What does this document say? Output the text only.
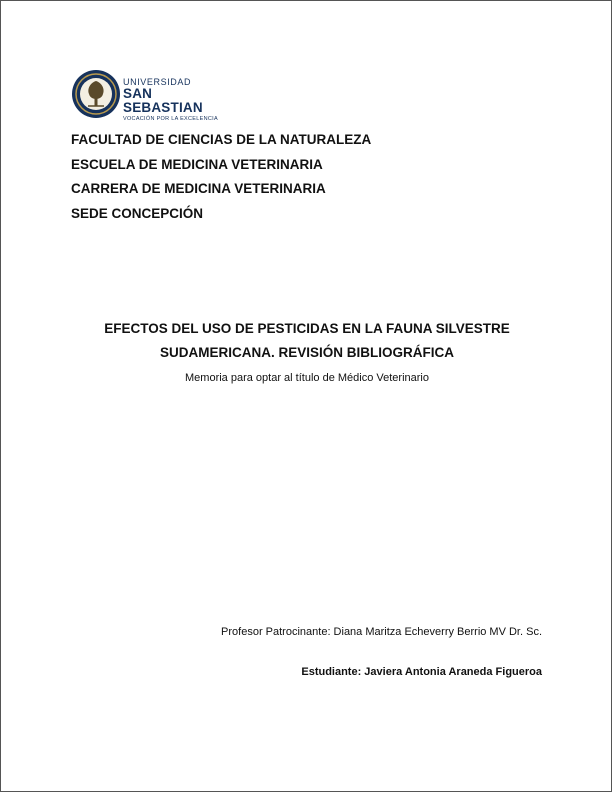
UNIVERSIDAD
SAN SEBASTIAN
VOCACIÓN POR LA EXCELENCIA
FACULTAD DE CIENCIAS DE LA NATURALEZA
ESCUELA DE MEDICINA VETERINARIA
CARRERA DE MEDICINA VETERINARIA
SEDE CONCEPCIÓN
EFECTOS DEL USO DE PESTICIDAS EN LA FAUNA SILVESTRE
SUDAMERICANA. REVISIÓN BIBLIOGRÁFICA
Memoria para optar al título de Médico Veterinario
Profesor Patrocinante: Diana Maritza Echeverry Berrio MV Dr. Sc.
Estudiante: Javiera Antonia Araneda Figueroa
